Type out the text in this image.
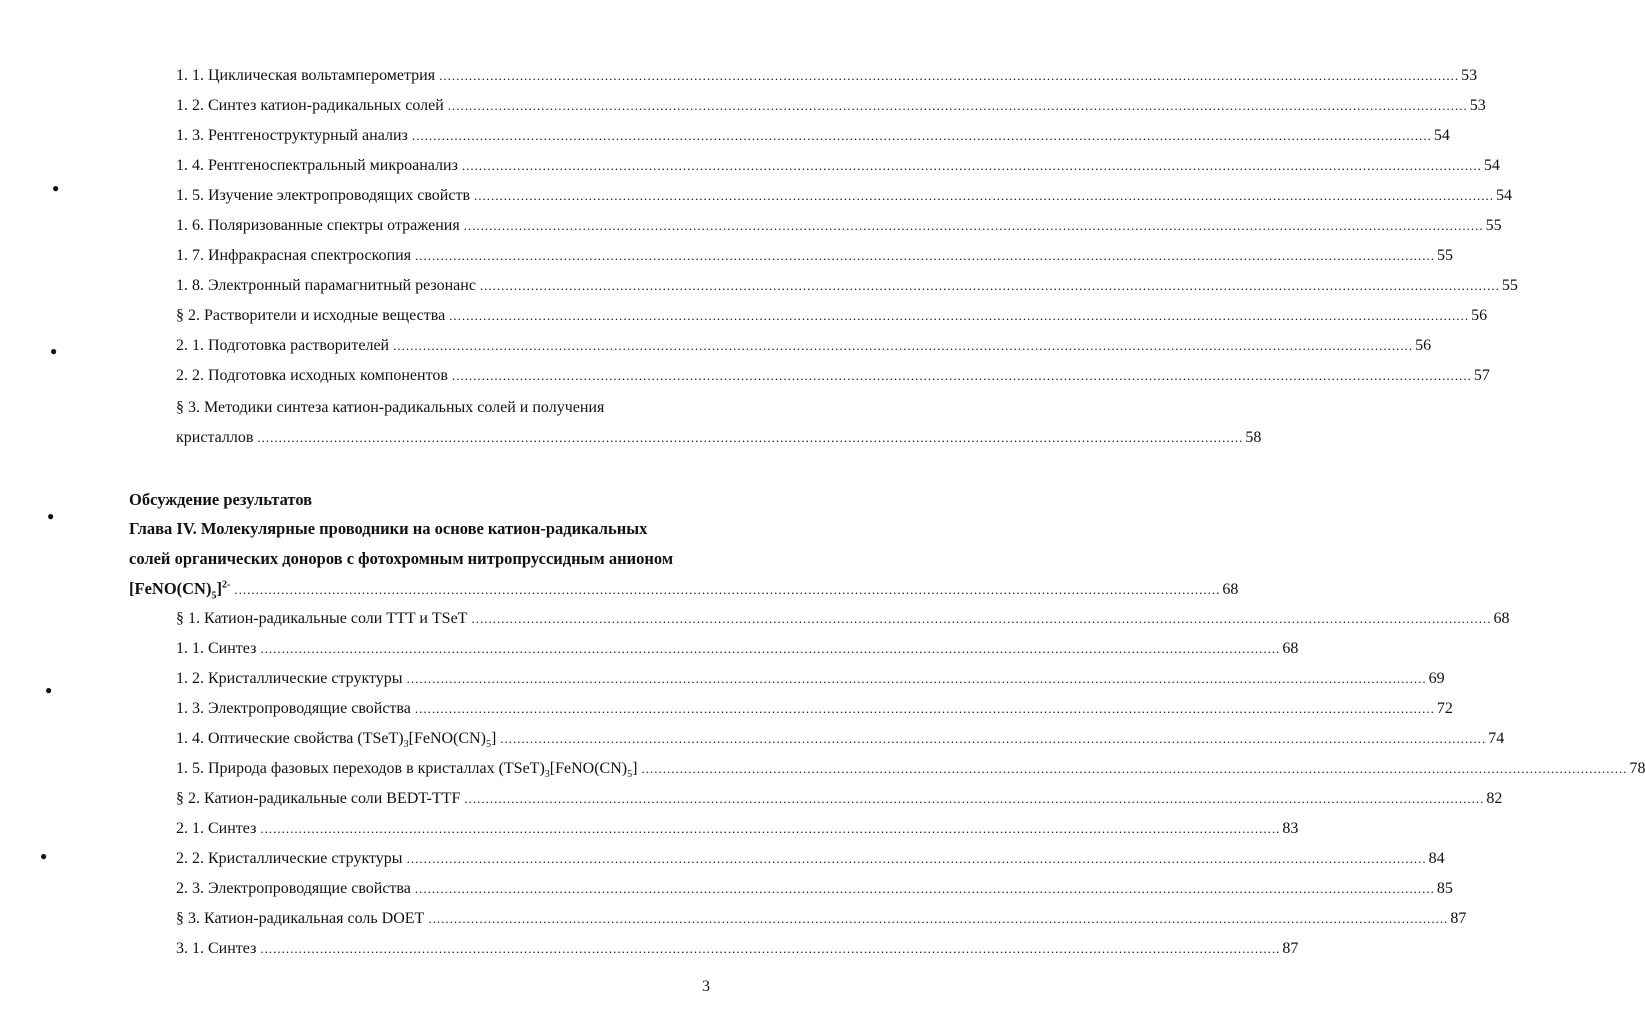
1. 1. Циклическая вольтамперометрия ................................................................................................................................................................................................................................................ 53
1. 2. Синтез катион-радикальных солей ................................................................................................................................................................................................................................................ 53
1. 3. Рентгеноструктурный анализ ................................................................................................................................................................................................................................................ 54
1. 4. Рентгеноспектральный микроанализ ................................................................................................................................................................................................................................................ 54
1. 5. Изучение электропроводящих свойств ................................................................................................................................................................................................................................................ 54
1. 6. Поляризованные спектры отражения ................................................................................................................................................................................................................................................ 55
1. 7. Инфракрасная спектроскопия ................................................................................................................................................................................................................................................ 55
1. 8. Электронный парамагнитный резонанс ................................................................................................................................................................................................................................................ 55
§ 2. Растворители и исходные вещества ................................................................................................................................................................................................................................................ 56
2. 1. Подготовка растворителей ................................................................................................................................................................................................................................................ 56
2. 2. Подготовка исходных компонентов ................................................................................................................................................................................................................................................ 57
§ 3. Методики синтеза катион-радикальных солей и получения
кристаллов ........................................................................................................................................................................................................................................ 58
Обсуждение результатов
Глава IV. Молекулярные проводники на основе катион-радикальных
солей органических доноров с фотохромным нитропруссидным анионом
$[FeNO(CN)_5]^{2-}$ ........................................................................................................................................................................................................................................ 68
§ 1. Катион-радикальные соли TTT и TSeT ................................................................................................................................................................................................................................................ 68
1. 1. Синтез ................................................................................................................................................................................................................................................ 68
1. 2. Кристаллические структуры ................................................................................................................................................................................................................................................ 69
1. 3. Электропроводящие свойства ................................................................................................................................................................................................................................................ 72
1. 4. Оптические свойства $(TSeT)_3[FeNO(CN)_5]$ ........................................................................................................................................................................................................................................ 74
1. 5. Природа фазовых переходов в кристаллах $(TSeT)_3[FeNO(CN)_5]$ ........................................................................................................................................................................................................................................ 78
§ 2. Катион-радикальные соли BEDT-TTF ................................................................................................................................................................................................................................................ 82
2. 1. Синтез ................................................................................................................................................................................................................................................ 83
2. 2. Кристаллические структуры ................................................................................................................................................................................................................................................ 84
2. 3. Электропроводящие свойства ................................................................................................................................................................................................................................................ 85
§ 3. Катион-радикальная соль DOET ................................................................................................................................................................................................................................................ 87
3. 1. Синтез ................................................................................................................................................................................................................................................ 87
3
●
●
●
●
●
